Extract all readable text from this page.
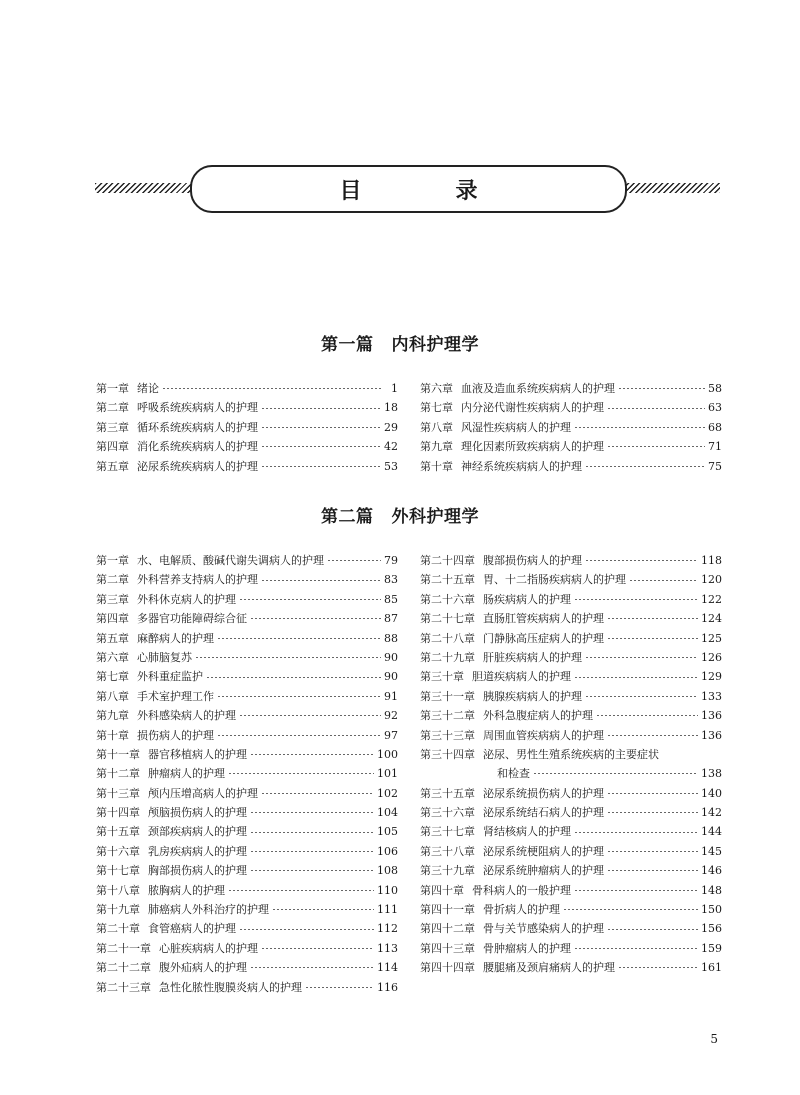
目　录
第一篇 内科护理学
第一章 绪论	1
第二章 呼吸系统疾病病人的护理	18
第三章 循环系统疾病病人的护理	29
第四章 消化系统疾病病人的护理	42
第五章 泌尿系统疾病病人的护理	53
第六章 血液及造血系统疾病病人的护理	58
第七章 内分泌代谢性疾病病人的护理	63
第八章 风湿性疾病病人的护理	68
第九章 理化因素所致疾病病人的护理	71
第十章 神经系统疾病病人的护理	75
第二篇 外科护理学
第一章 水、电解质、酸碱代谢失调病人的护理	79
第二章 外科营养支持病人的护理	83
第三章 外科休克病人的护理	85
第四章 多器官功能障碍综合征	87
第五章 麻醉病人的护理	88
第六章 心肺脑复苏	90
第七章 外科重症监护	90
第八章 手术室护理工作	91
第九章 外科感染病人的护理	92
第十章 损伤病人的护理	97
第十一章 器官移植病人的护理	100
第十二章 肿瘤病人的护理	101
第十三章 颅内压增高病人的护理	102
第十四章 颅脑损伤病人的护理	104
第十五章 颈部疾病病人的护理	105
第十六章 乳房疾病病人的护理	106
第十七章 胸部损伤病人的护理	108
第十八章 脓胸病人的护理	110
第十九章 肺癌病人外科治疗的护理	111
第二十章 食管癌病人的护理	112
第二十一章 心脏疾病病人的护理	113
第二十二章 腹外疝病人的护理	114
第二十三章 急性化脓性腹膜炎病人的护理	116
第二十四章 腹部损伤病人的护理	118
第二十五章 胃、十二指肠疾病病人的护理	120
第二十六章 肠疾病病人的护理	122
第二十七章 直肠肛管疾病病人的护理	124
第二十八章 门静脉高压症病人的护理	125
第二十九章 肝脏疾病病人的护理	126
第三十章 胆道疾病病人的护理	129
第三十一章 胰腺疾病病人的护理	133
第三十二章 外科急腹症病人的护理	136
第三十三章 周围血管疾病病人的护理	136
第三十四章 泌尿、男性生殖系统疾病的主要症状
和检查	138
第三十五章 泌尿系统损伤病人的护理	140
第三十六章 泌尿系统结石病人的护理	142
第三十七章 肾结核病人的护理	144
第三十八章 泌尿系统梗阻病人的护理	145
第三十九章 泌尿系统肿瘤病人的护理	146
第四十章 骨科病人的一般护理	148
第四十一章 骨折病人的护理	150
第四十二章 骨与关节感染病人的护理	156
第四十三章 骨肿瘤病人的护理	159
第四十四章 腰腿痛及颈肩痛病人的护理	161
5
